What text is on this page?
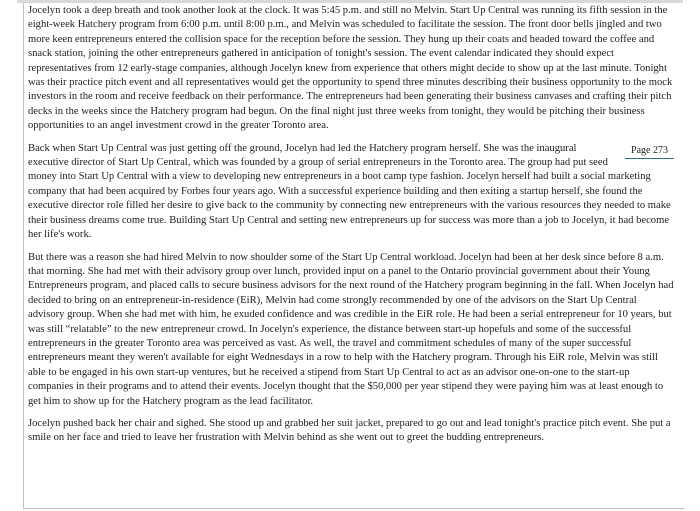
Jocelyn took a deep breath and took another look at the clock. It was 5:45 p.m. and still no Melvin. Start Up Central was running its fifth session in the eight-week Hatchery program from 6:00 p.m. until 8:00 p.m., and Melvin was scheduled to facilitate the session. The front door bells jingled and two more keen entrepreneurs entered the collision space for the reception before the session. They hung up their coats and headed toward the coffee and snack station, joining the other entrepreneurs gathered in anticipation of tonight's session. The event calendar indicated they should expect representatives from 12 early-stage companies, although Jocelyn knew from experience that others might decide to show up at the last minute. Tonight was their practice pitch event and all representatives would get the opportunity to spend three minutes describing their business opportunity to the mock investors in the room and receive feedback on their performance. The entrepreneurs had been generating their business canvases and crafting their pitch decks in the weeks since the Hatchery program had begun. On the final night just three weeks from tonight, they would be pitching their business opportunities to an angel investment crowd in the greater Toronto area.

Page 273
Back when Start Up Central was just getting off the ground, Jocelyn had led the Hatchery program herself. She was the inaugural executive director of Start Up Central, which was founded by a group of serial entrepreneurs in the Toronto area. The group had put seed money into Start Up Central with a view to developing new entrepreneurs in a boot camp type fashion. Jocelyn herself had built a social marketing company that had been acquired by Forbes four years ago. With a successful experience building and then exiting a startup herself, she found the executive director role filled her desire to give back to the community by connecting new entrepreneurs with the various resources they needed to make their business dreams come true. Building Start Up Central and setting new entrepreneurs up for success was more than a job to Jocelyn, it had become her life's work.

But there was a reason she had hired Melvin to now shoulder some of the Start Up Central workload. Jocelyn had been at her desk since before 8 a.m. that morning. She had met with their advisory group over lunch, provided input on a panel to the Ontario provincial government about their Young Entrepreneurs program, and placed calls to secure business advisors for the next round of the Hatchery program beginning in the fall. When Jocelyn had decided to bring on an entrepreneur-in-residence (EiR), Melvin had come strongly recommended by one of the advisors on the Start Up Central advisory group. When she had met with him, he exuded confidence and was credible in the EiR role. He had been a serial entrepreneur for 10 years, but was still “relatable” to the new entrepreneur crowd. In Jocelyn's experience, the distance between start-up hopefuls and some of the successful entrepreneurs in the greater Toronto area was perceived as vast. As well, the travel and commitment schedules of many of the super successful entrepreneurs meant they weren't available for eight Wednesdays in a row to help with the Hatchery program. Through his EiR role, Melvin was still able to be engaged in his own start-up ventures, but he received a stipend from Start Up Central to act as an advisor one-on-one to the start-up companies in their programs and to attend their events. Jocelyn thought that the $50,000 per year stipend they were paying him was at least enough to get him to show up for the Hatchery program as the lead facilitator.

Jocelyn pushed back her chair and sighed. She stood up and grabbed her suit jacket, prepared to go out and lead tonight's practice pitch event. She put a smile on her face and tried to leave her frustration with Melvin behind as she went out to greet the budding entrepreneurs.
